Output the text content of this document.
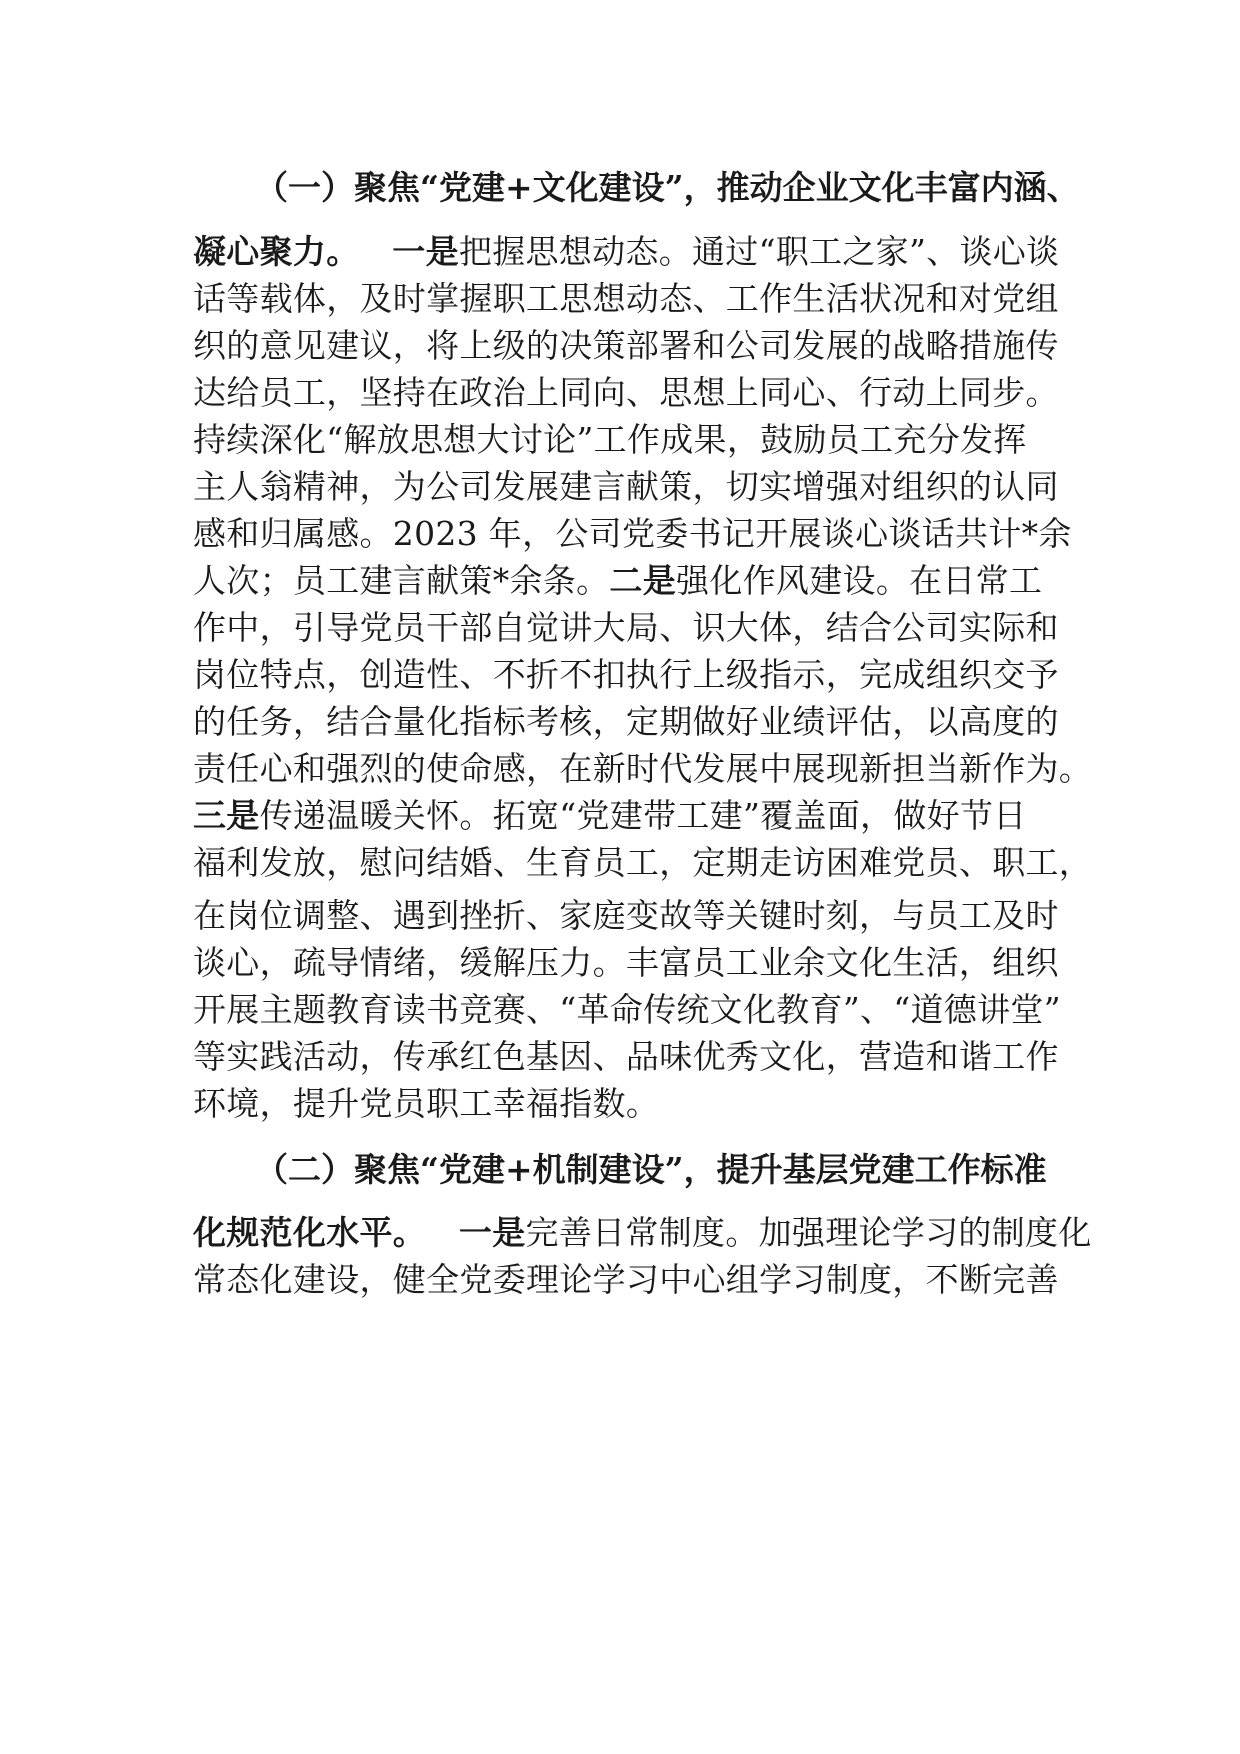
（一）聚焦“党建+文化建设”，推动企业文化丰富内涵、
凝心聚力。 一是把握思想动态。通过“职工之家”、谈心谈
话等载体，及时掌握职工思想动态、工作生活状况和对党组
织的意见建议，将上级的决策部署和公司发展的战略措施传
达给员工，坚持在政治上同向、思想上同心、行动上同步。
持续深化“解放思想大讨论”工作成果，鼓励员工充分发挥
主人翁精神，为公司发展建言献策，切实增强对组织的认同
感和归属感。2023 年，公司党委书记开展谈心谈话共计*余
人次；员工建言献策*余条。二是强化作风建设。在日常工
作中，引导党员干部自觉讲大局、识大体，结合公司实际和
岗位特点，创造性、不折不扣执行上级指示，完成组织交予
的任务，结合量化指标考核，定期做好业绩评估，以高度的
责任心和强烈的使命感，在新时代发展中展现新担当新作为。
三是传递温暖关怀。拓宽“党建带工建”覆盖面，做好节日
福利发放，慰问结婚、生育员工，定期走访困难党员、职工，
在岗位调整、遇到挫折、家庭变故等关键时刻，与员工及时
谈心，疏导情绪，缓解压力。丰富员工业余文化生活，组织
开展主题教育读书竞赛、“革命传统文化教育”、“道德讲堂”
等实践活动，传承红色基因、品味优秀文化，营造和谐工作
环境，提升党员职工幸福指数。
（二）聚焦“党建+机制建设”，提升基层党建工作标准
化规范化水平。 一是完善日常制度。加强理论学习的制度化
常态化建设，健全党委理论学习中心组学习制度，不断完善
